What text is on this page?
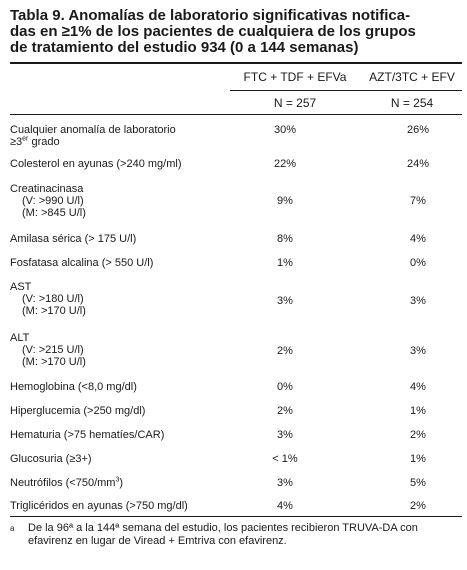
Tabla 9. Anomalías de laboratorio significativas notifica-
das en ≥1% de los pacientes de cualquiera de los grupos
de tratamiento del estudio 934 (0 a 144 semanas)
FTC + TDF + EFVa	AZT/3TC + EFV
N = 257	N = 254
Cualquier anomalía de laboratorio
≥3er grado
30%	26%
Colesterol en ayunas (>240 mg/ml)	22%	24%
Creatinacinasa
(V: >990 U/l)
(M: >845 U/l)
9%	7%
Amilasa sérica (> 175 U/l)	8%	4%
Fosfatasa alcalina (> 550 U/l)	1%	0%
AST
(V: >180 U/l)
(M: >170 U/l)
3%	3%
ALT
(V: >215 U/l)
(M: >170 U/l)
2%	3%
Hemoglobina (<8,0 mg/dl)	0%	4%
Hiperglucemia (>250 mg/dl)	2%	1%
Hematuria (>75 hematíes/CAR)	3%	2%
Glucosuria (≥3+)	< 1%	1%
Neutrófilos $(<750/mm^3)$	3%	5%
Triglicéridos en ayunas (>750 mg/dl)	4%	2%
a	De la 96ª a la 144ª semana del estudio, los pacientes recibieron TRUVA-DA con efavirenz en lugar de Viread + Emtriva con efavirenz.
